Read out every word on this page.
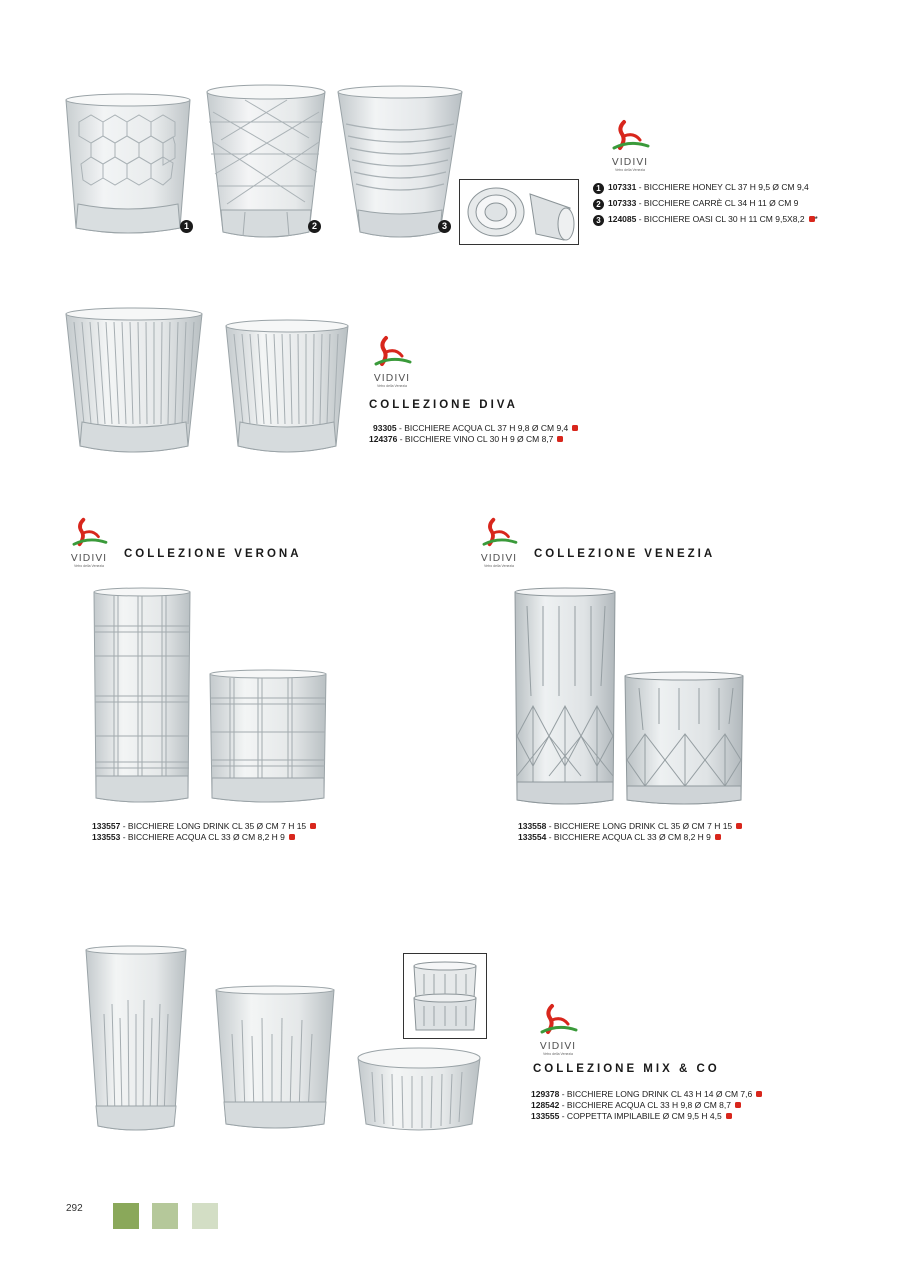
1	2	3
VIDIVI
Vetro della Venezia
1 107331 - BICCHIERE HONEY CL 37 H 9,5 Ø CM 9,4
2 107333 - BICCHIERE CARRÈ CL 34 H 11 Ø CM 9
3 124085 - BICCHIERE OASI CL 30 H 11 CM 9,5X8,2 *
VIDIVI
Vetro della Venezia
COLLEZIONE DIVA
93305 - BICCHIERE ACQUA CL 37 H 9,8 Ø CM 9,4
124376 - BICCHIERE VINO CL 30 H 9 Ø CM 8,7
VIDIVI
Vetro della Venezia
COLLEZIONE VERONA
133557 - BICCHIERE LONG DRINK CL 35 Ø CM 7 H 15
133553 - BICCHIERE ACQUA CL 33 Ø CM 8,2 H 9
VIDIVI
Vetro della Venezia
COLLEZIONE VENEZIA
133558 - BICCHIERE LONG DRINK CL 35 Ø CM 7 H 15
133554 - BICCHIERE ACQUA CL 33 Ø CM 8,2 H 9
VIDIVI
Vetro della Venezia
COLLEZIONE MIX & CO
129378 - BICCHIERE LONG DRINK CL 43 H 14 Ø CM 7,6
128542 - BICCHIERE ACQUA CL 33 H 9,8 Ø CM 8,7
133555 - COPPETTA IMPILABILE Ø CM 9,5 H 4,5
292
